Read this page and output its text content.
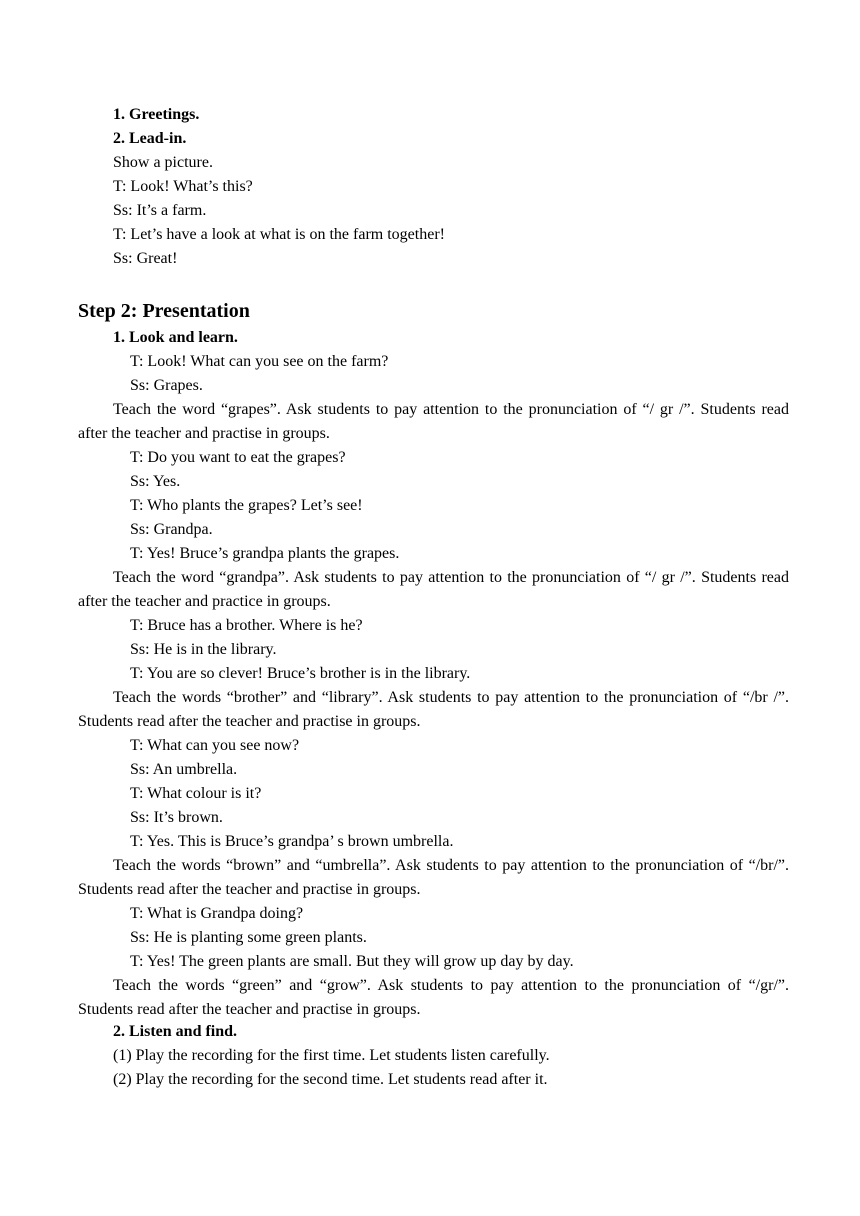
1. Greetings.
2. Lead-in.
Show a picture.
T: Look! What’s this?
Ss: It’s a farm.
T: Let’s have a look at what is on the farm together!
Ss: Great!
Step 2: Presentation
1. Look and learn.
T: Look! What can you see on the farm?
Ss: Grapes.
Teach the word “grapes”. Ask students to pay attention to the pronunciation of “/ gr /”. Students read after the teacher and practise in groups.
T: Do you want to eat the grapes?
Ss: Yes.
T: Who plants the grapes? Let’s see!
Ss: Grandpa.
T: Yes! Bruce’s grandpa plants the grapes.
Teach the word “grandpa”. Ask students to pay attention to the pronunciation of “/ gr /”. Students read after the teacher and practice in groups.
T: Bruce has a brother. Where is he?
Ss: He is in the library.
T: You are so clever! Bruce’s brother is in the library.
Teach the words “brother” and “library”. Ask students to pay attention to the pronunciation of “/br /”. Students read after the teacher and practise in groups.
T: What can you see now?
Ss: An umbrella.
T: What colour is it?
Ss: It’s brown.
T: Yes. This is Bruce’s grandpa’ s brown umbrella.
Teach the words “brown” and “umbrella”. Ask students to pay attention to the pronunciation of “/br/”. Students read after the teacher and practise in groups.
T: What is Grandpa doing?
Ss: He is planting some green plants.
T: Yes! The green plants are small. But they will grow up day by day.
Teach the words “green” and “grow”. Ask students to pay attention to the pronunciation of “/gr/”. Students read after the teacher and practise in groups.
2. Listen and find.
(1) Play the recording for the first time. Let students listen carefully.
(2) Play the recording for the second time. Let students read after it.
